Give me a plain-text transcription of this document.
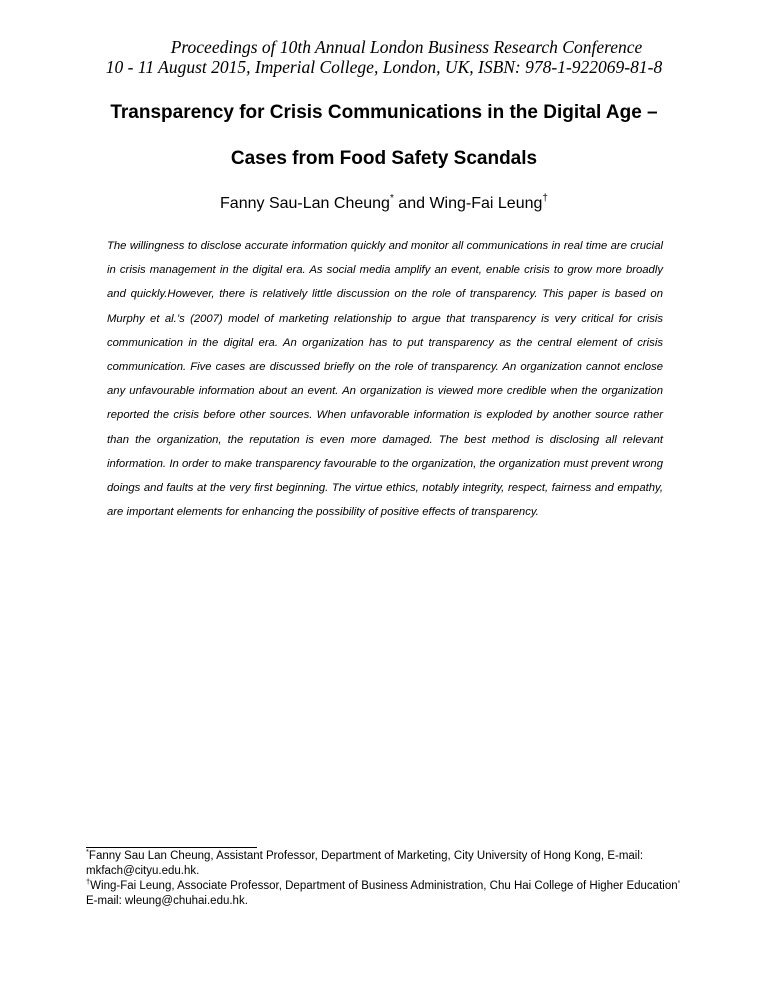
Proceedings of 10th Annual London Business Research Conference
10 - 11 August 2015, Imperial College, London, UK, ISBN: 978-1-922069-81-8
Transparency for Crisis Communications in the Digital Age –
Cases from Food Safety Scandals
Fanny Sau-Lan Cheung* and Wing-Fai Leung†

The willingness to disclose accurate information quickly and monitor all communications in real time are crucial in crisis management in the digital era. As social media amplify an event, enable crisis to grow more broadly and quickly.However, there is relatively little discussion on the role of transparency. This paper is based on Murphy et al.’s (2007) model of marketing relationship to argue that transparency is very critical for crisis communication in the digital era. An organization has to put transparency as the central element of crisis communication. Five cases are discussed briefly on the role of transparency. An organization cannot enclose any unfavourable information about an event. An organization is viewed more credible when the organization reported the crisis before other sources. When unfavorable information is exploded by another source rather than the organization, the reputation is even more damaged. The best method is disclosing all relevant information. In order to make transparency favourable to the organization, the organization must prevent wrong doings and faults at the very first beginning. The virtue ethics, notably integrity, respect, fairness and empathy, are important elements for enhancing the possibility of positive effects of transparency.

*Fanny Sau Lan Cheung, Assistant Professor, Department of Marketing, City University of Hong Kong, E-mail: mkfach@cityu.edu.hk.

†Wing-Fai Leung, Associate Professor, Department of Business Administration, Chu Hai College of Higher Education’ E-mail: wleung@chuhai.edu.hk.
